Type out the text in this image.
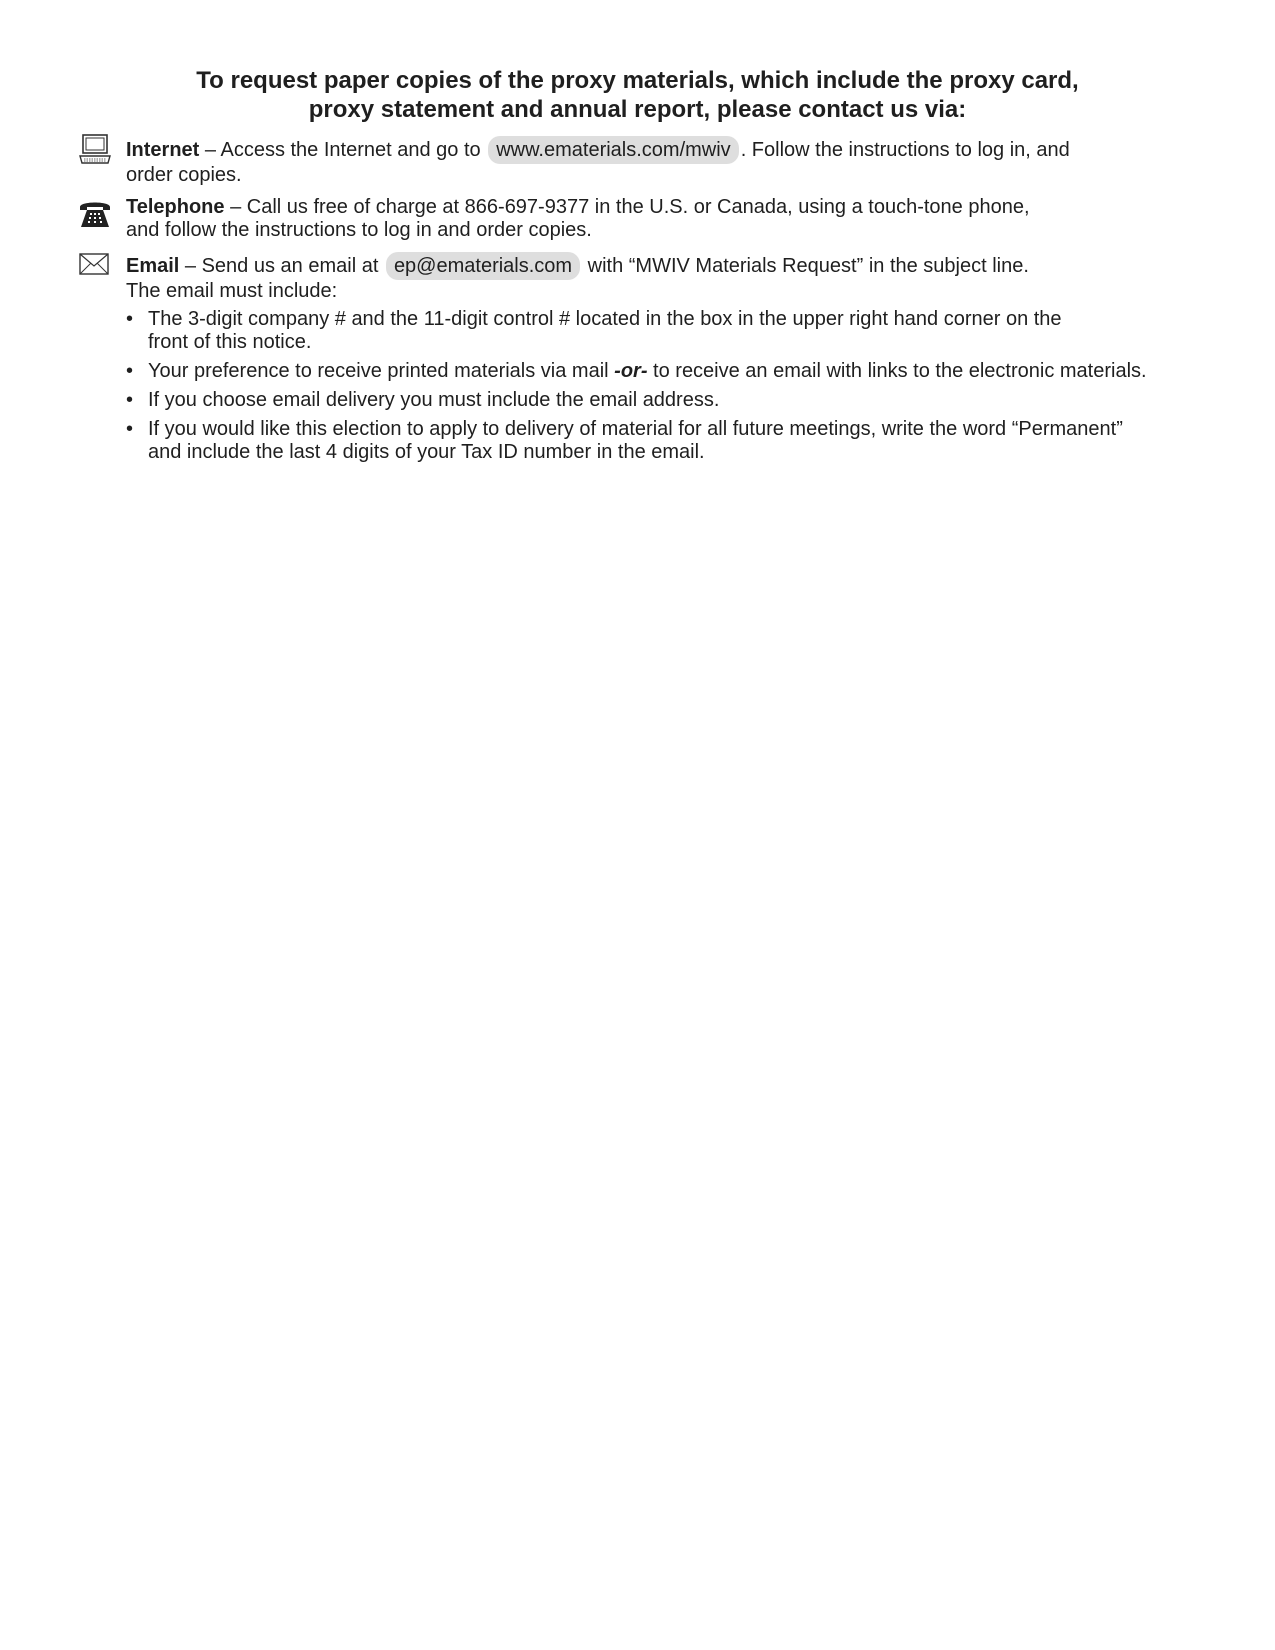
To request paper copies of the proxy materials, which include the proxy card,
proxy statement and annual report, please contact us via:
Internet – Access the Internet and go to www.ematerials.com/mwiv . Follow the instructions to log in, and
order copies.
Telephone – Call us free of charge at 866-697-9377 in the U.S. or Canada, using a touch-tone phone,
and follow the instructions to log in and order copies.
Email – Send us an email at ep@ematerials.com with “MWIV Materials Request” in the subject line.
The email must include:
• The 3-digit company # and the 11-digit control # located in the box in the upper right hand corner on the
front of this notice.
• Your preference to receive printed materials via mail -or- to receive an email with links to the electronic materials.
• If you choose email delivery you must include the email address.
• If you would like this election to apply to delivery of material for all future meetings, write the word “Permanent”
and include the last 4 digits of your Tax ID number in the email.
